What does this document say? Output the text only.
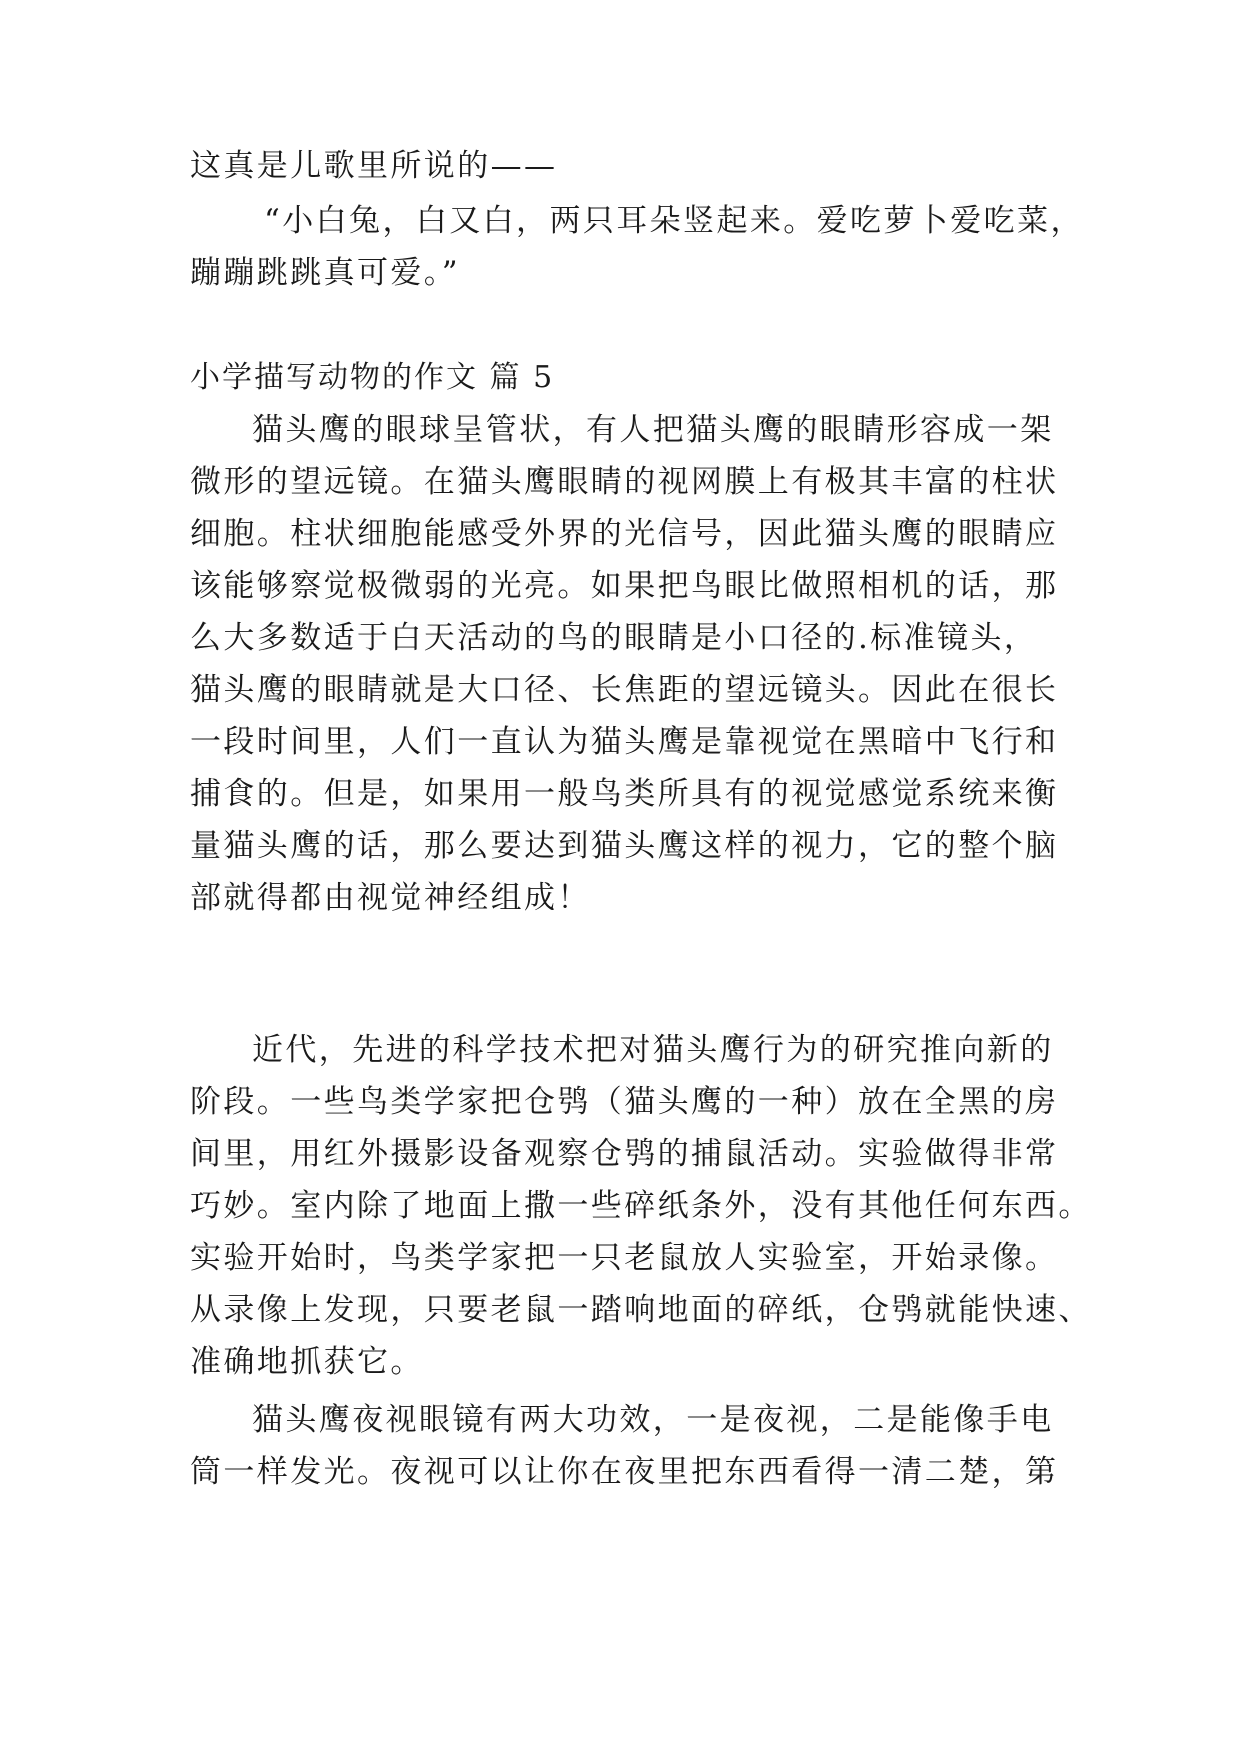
这真是儿歌里所说的——
“小白兔，白又白，两只耳朵竖起来。爱吃萝卜爱吃菜，
蹦蹦跳跳真可爱。”
小学描写动物的作文 篇 5
猫头鹰的眼球呈管状，有人把猫头鹰的眼睛形容成一架
微形的望远镜。在猫头鹰眼睛的视网膜上有极其丰富的柱状
细胞。柱状细胞能感受外界的光信号，因此猫头鹰的眼睛应
该能够察觉极微弱的光亮。如果把鸟眼比做照相机的话，那
么大多数适于白天活动的鸟的眼睛是小口径的.标准镜头，
猫头鹰的眼睛就是大口径、长焦距的望远镜头。因此在很长
一段时间里，人们一直认为猫头鹰是靠视觉在黑暗中飞行和
捕食的。但是，如果用一般鸟类所具有的视觉感觉系统来衡
量猫头鹰的话，那么要达到猫头鹰这样的视力，它的整个脑
部就得都由视觉神经组成！
近代，先进的科学技术把对猫头鹰行为的研究推向新的
阶段。一些鸟类学家把仓鸮（猫头鹰的一种）放在全黑的房
间里，用红外摄影设备观察仓鸮的捕鼠活动。实验做得非常
巧妙。室内除了地面上撒一些碎纸条外，没有其他任何东西。
实验开始时，鸟类学家把一只老鼠放人实验室，开始录像。
从录像上发现，只要老鼠一踏响地面的碎纸，仓鸮就能快速、
准确地抓获它。
猫头鹰夜视眼镜有两大功效，一是夜视，二是能像手电
筒一样发光。夜视可以让你在夜里把东西看得一清二楚，第
